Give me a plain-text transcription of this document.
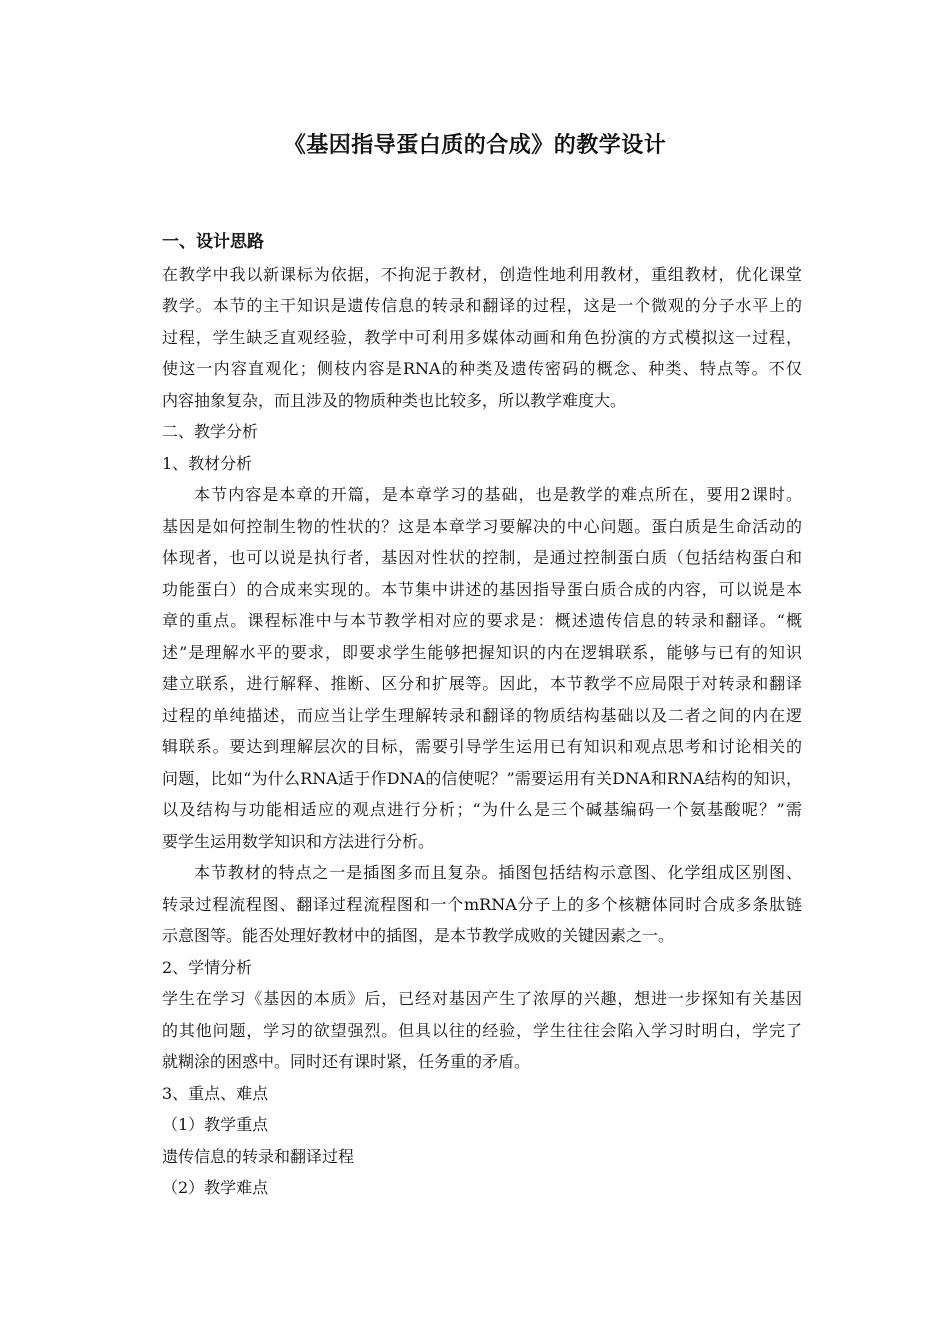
《基因指导蛋白质的合成》的教学设计
一、设计思路
在教学中我以新课标为依据，不拘泥于教材，创造性地利用教材，重组教材，优化课堂
教学。本节的主干知识是遗传信息的转录和翻译的过程，这是一个微观的分子水平上的
过程，学生缺乏直观经验，教学中可利用多媒体动画和角色扮演的方式模拟这一过程，
使这一内容直观化；侧枝内容是RNA的种类及遗传密码的概念、种类、特点等。不仅
内容抽象复杂，而且涉及的物质种类也比较多，所以教学难度大。
二、教学分析
1、教材分析
本节内容是本章的开篇，是本章学习的基础，也是教学的难点所在，要用2课时。
基因是如何控制生物的性状的？这是本章学习要解决的中心问题。蛋白质是生命活动的
体现者，也可以说是执行者，基因对性状的控制，是通过控制蛋白质（包括结构蛋白和
功能蛋白）的合成来实现的。本节集中讲述的基因指导蛋白质合成的内容，可以说是本
章的重点。课程标准中与本节教学相对应的要求是：概述遗传信息的转录和翻译。“概
述”是理解水平的要求，即要求学生能够把握知识的内在逻辑联系，能够与已有的知识
建立联系，进行解释、推断、区分和扩展等。因此，本节教学不应局限于对转录和翻译
过程的单纯描述，而应当让学生理解转录和翻译的物质结构基础以及二者之间的内在逻
辑联系。要达到理解层次的目标，需要引导学生运用已有知识和观点思考和讨论相关的
问题，比如“为什么RNA适于作DNA的信使呢？”需要运用有关DNA和RNA结构的知识，
以及结构与功能相适应的观点进行分析；“为什么是三个碱基编码一个氨基酸呢？”需
要学生运用数学知识和方法进行分析。
本节教材的特点之一是插图多而且复杂。插图包括结构示意图、化学组成区别图、
转录过程流程图、翻译过程流程图和一个mRNA分子上的多个核糖体同时合成多条肽链
示意图等。能否处理好教材中的插图，是本节教学成败的关键因素之一。
2、学情分析
学生在学习《基因的本质》后，已经对基因产生了浓厚的兴趣，想进一步探知有关基因
的其他问题，学习的欲望强烈。但具以往的经验，学生往往会陷入学习时明白，学完了
就糊涂的困惑中。同时还有课时紧，任务重的矛盾。
3、重点、难点
（1）教学重点
遗传信息的转录和翻译过程
（2）教学难点
